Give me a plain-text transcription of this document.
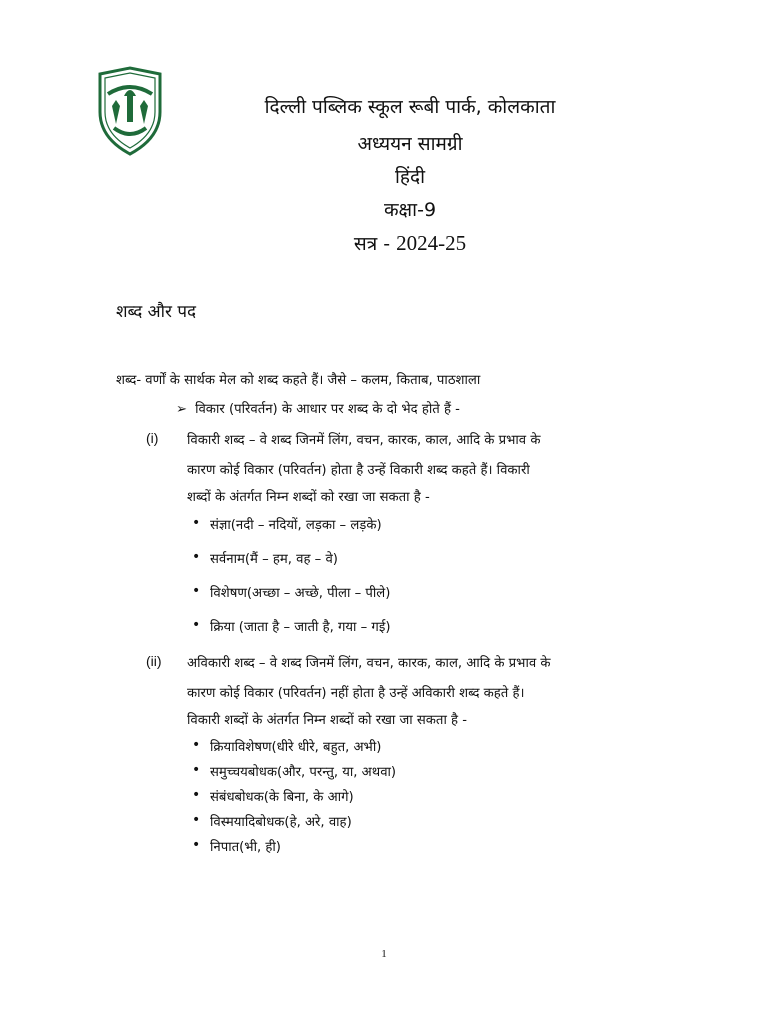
दिल्ली पब्लिक स्कूल रूबी पार्क, कोलकाता
अध्ययन सामग्री
हिंदी
कक्षा-9
सत्र - 2024-25
शब्द और पद
शब्द- वर्णों के सार्थक मेल को शब्द कहते हैं। जैसे – कलम, किताब, पाठशाला
➢ विकार (परिवर्तन) के आधार पर शब्द के दो भेद होते हैं -
(i) विकारी शब्द – वे शब्द जिनमें लिंग, वचन, कारक, काल, आदि के प्रभाव के
कारण कोई विकार (परिवर्तन) होता है उन्हें विकारी शब्द कहते हैं। विकारी
शब्दों के अंतर्गत निम्न शब्दों को रखा जा सकता है -
• संज्ञा(नदी – नदियों, लड़का – लड़के)
• सर्वनाम(मैं – हम, वह – वे)
• विशेषण(अच्छा – अच्छे, पीला – पीले)
• क्रिया (जाता है – जाती है, गया – गई)
(ii) अविकारी शब्द – वे शब्द जिनमें लिंग, वचन, कारक, काल, आदि के प्रभाव के
कारण कोई विकार (परिवर्तन) नहीं होता है उन्हें अविकारी शब्द कहते हैं।
विकारी शब्दों के अंतर्गत निम्न शब्दों को रखा जा सकता है -
• क्रियाविशेषण(धीरे धीरे, बहुत, अभी)
• समुच्चयबोधक(और, परन्तु, या, अथवा)
• संबंधबोधक(के बिना, के आगे)
• विस्मयादिबोधक(हे, अरे, वाह)
• निपात(भी, ही)
1
